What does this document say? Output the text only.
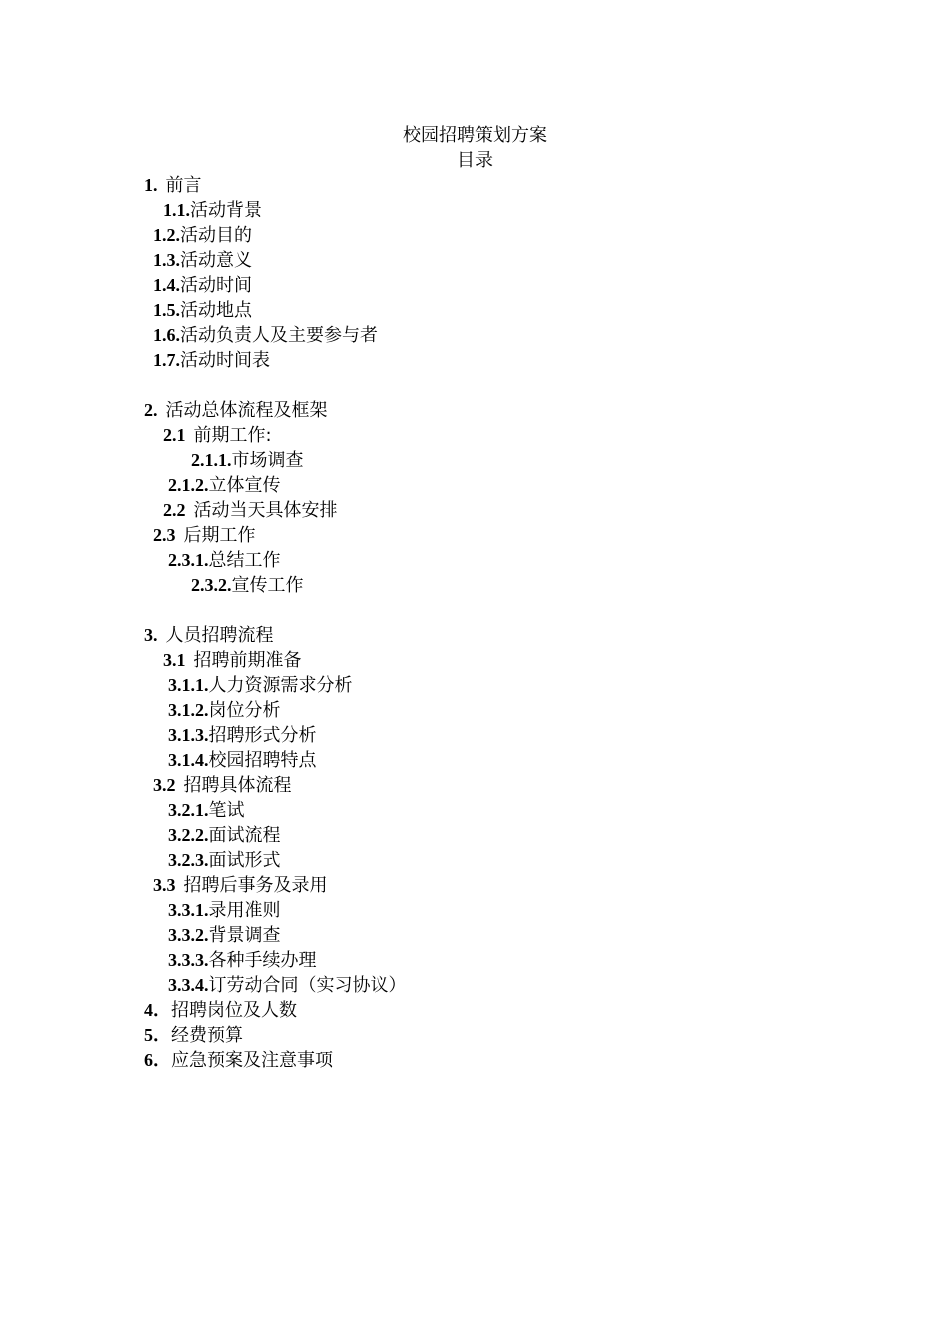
校园招聘策划方案
目录
1. 前言
1.1.活动背景
1.2.活动目的
1.3.活动意义
1.4.活动时间
1.5.活动地点
1.6.活动负责人及主要参与者
1.7.活动时间表
2. 活动总体流程及框架
2.1 前期工作:
2.1.1.市场调查
2.1.2.立体宣传
2.2 活动当天具体安排
2.3 后期工作
2.3.1.总结工作
2.3.2.宣传工作
3. 人员招聘流程
3.1 招聘前期准备
3.1.1.人力资源需求分析
3.1.2.岗位分析
3.1.3.招聘形式分析
3.1.4.校园招聘特点
3.2 招聘具体流程
3.2.1.笔试
3.2.2.面试流程
3.2.3.面试形式
3.3 招聘后事务及录用
3.3.1.录用准则
3.3.2.背景调查
3.3.3.各种手续办理
3.3.4.订劳动合同（实习协议）
4．招聘岗位及人数
5．经费预算
6．应急预案及注意事项
